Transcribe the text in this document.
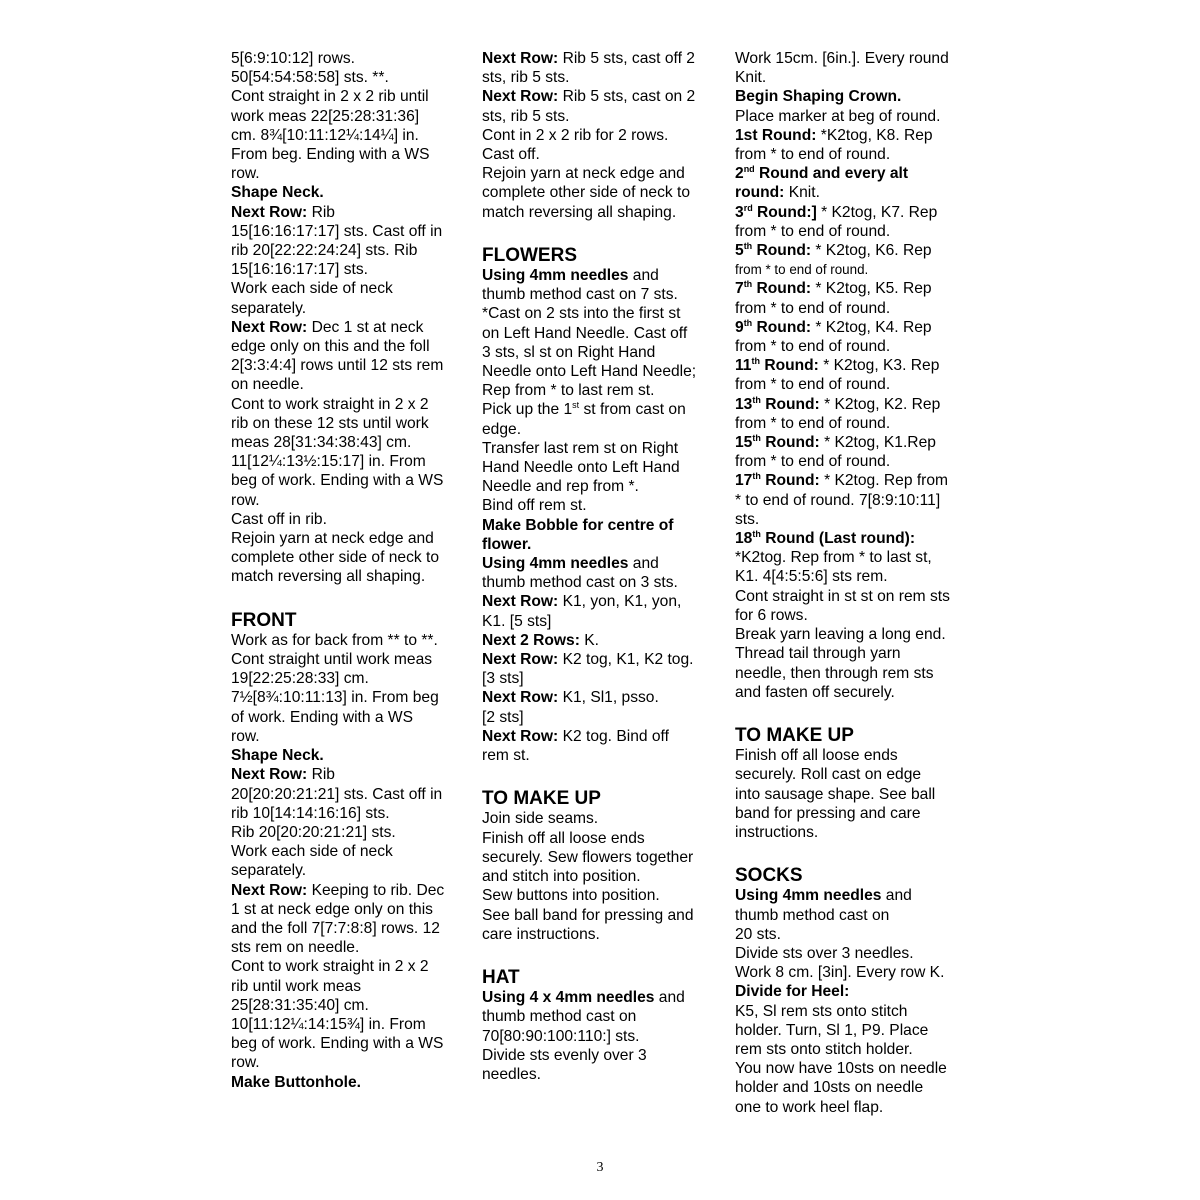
5[6:9:10:12] rows.
50[54:54:58:58] sts. **.
Cont straight in 2 x 2 rib until
work meas 22[25:28:31:36]
cm. 8¾[10:11:12¼:14¼] in.
From beg. Ending with a WS
row.
Shape Neck.
Next Row: Rib
15[16:16:17:17] sts. Cast off in
rib 20[22:22:24:24] sts. Rib
15[16:16:17:17] sts.
Work each side of neck
separately.
Next Row: Dec 1 st at neck
edge only on this and the foll
2[3:3:4:4] rows until 12 sts rem
on needle.
Cont to work straight in 2 x 2
rib on these 12 sts until work
meas 28[31:34:38:43] cm.
11[12¼:13½:15:17] in. From
beg of work. Ending with a WS
row.
Cast off in rib.
Rejoin yarn at neck edge and
complete other side of neck to
match reversing all shaping.
FRONT
Work as for back from ** to **.
Cont straight until work meas
19[22:25:28:33] cm.
7½[8¾:10:11:13] in. From beg
of work. Ending with a WS
row.
Shape Neck.
Next Row: Rib
20[20:20:21:21] sts. Cast off in
rib 10[14:14:16:16] sts.
Rib 20[20:20:21:21] sts.
Work each side of neck
separately.
Next Row: Keeping to rib. Dec
1 st at neck edge only on this
and the foll 7[7:7:8:8] rows. 12
sts rem on needle.
Cont to work straight in 2 x 2
rib until work meas
25[28:31:35:40] cm.
10[11:12¼:14:15¾] in. From
beg of work. Ending with a WS
row.
Make Buttonhole.
Next Row: Rib 5 sts, cast off 2
sts, rib 5 sts.
Next Row: Rib 5 sts, cast on 2
sts, rib 5 sts.
Cont in 2 x 2 rib for 2 rows.
Cast off.
Rejoin yarn at neck edge and
complete other side of neck to
match reversing all shaping.
FLOWERS
Using 4mm needles and
thumb method cast on 7 sts.
*Cast on 2 sts into the first st
on Left Hand Needle. Cast off
3 sts, sl st on Right Hand
Needle onto Left Hand Needle;
Rep from * to last rem st.
Pick up the 1st st from cast on
edge.
Transfer last rem st on Right
Hand Needle onto Left Hand
Needle and rep from *.
Bind off rem st.
Make Bobble for centre of
flower.
Using 4mm needles and
thumb method cast on 3 sts.
Next Row: K1, yon, K1, yon,
K1. [5 sts]
Next 2 Rows: K.
Next Row: K2 tog, K1, K2 tog.
[3 sts]
Next Row: K1, Sl1, psso.
[2 sts]
Next Row: K2 tog. Bind off
rem st.
TO MAKE UP
Join side seams.
Finish off all loose ends
securely. Sew flowers together
and stitch into position.
Sew buttons into position.
See ball band for pressing and
care instructions.
HAT
Using 4 x 4mm needles and
thumb method cast on
70[80:90:100:110:] sts.
Divide sts evenly over 3
needles.
Work 15cm. [6in.]. Every round
Knit.
Begin Shaping Crown.
Place marker at beg of round.
1st Round: *K2tog, K8. Rep
from * to end of round.
2nd Round and every alt
round: Knit.
3rd Round:] * K2tog, K7. Rep
from * to end of round.
5th Round: * K2tog, K6. Rep
from * to end of round.
7th Round: * K2tog, K5. Rep
from * to end of round.
9th Round: * K2tog, K4. Rep
from * to end of round.
11th Round: * K2tog, K3. Rep
from * to end of round.
13th Round: * K2tog, K2. Rep
from * to end of round.
15th Round: * K2tog, K1.Rep
from * to end of round.
17th Round: * K2tog. Rep from
* to end of round. 7[8:9:10:11]
sts.
18th Round (Last round):
*K2tog. Rep from * to last st,
K1. 4[4:5:5:6] sts rem.
Cont straight in st st on rem sts
for 6 rows.
Break yarn leaving a long end.
Thread tail through yarn
needle, then through rem sts
and fasten off securely.
TO MAKE UP
Finish off all loose ends
securely. Roll cast on edge
into sausage shape. See ball
band for pressing and care
instructions.
SOCKS
Using 4mm needles and
thumb method cast on
20 sts.
Divide sts over 3 needles.
Work 8 cm. [3in]. Every row K.
Divide for Heel:
K5, Sl rem sts onto stitch
holder. Turn, Sl 1, P9. Place
rem sts onto stitch holder.
You now have 10sts on needle
holder and 10sts on needle
one to work heel flap.
3
